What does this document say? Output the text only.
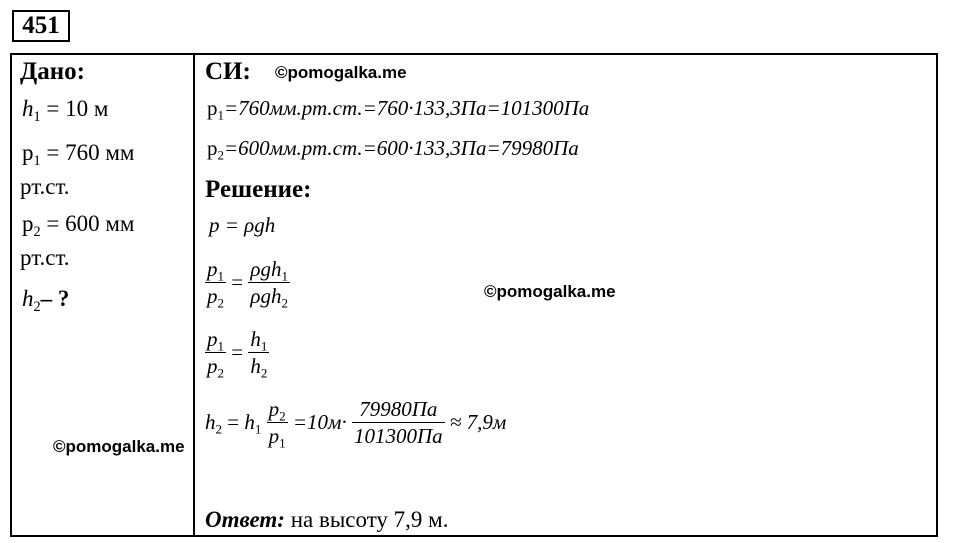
451
Дано:
$h_1 = 10$ м
$p_1 = 760$ мм
рт.ст.
$p_2 = 600$ мм
рт.ст.
$h_2-$ ?
СИ: ©pomogalka.me
$p_1=760мм.рт.ст.=760\cdot 133,3Па=101300Па$
$p_2=600мм.рт.ст.=600\cdot 133,3Па=79980Па$
Решение:
p = ρgh
$\frac{p_1}{p_2} = \frac{\rho gh_1}{\rho gh_2}$	©pomogalka.me
$\frac{p_1}{p_2} = \frac{h_1}{h_2}$
$h_2 = h_1 \frac{p_2}{p_1} =10м\cdot \frac{79980Па}{101300Па} \approx 7,9м$
©pomogalka.me
Ответ: на высоту 7,9 м.
